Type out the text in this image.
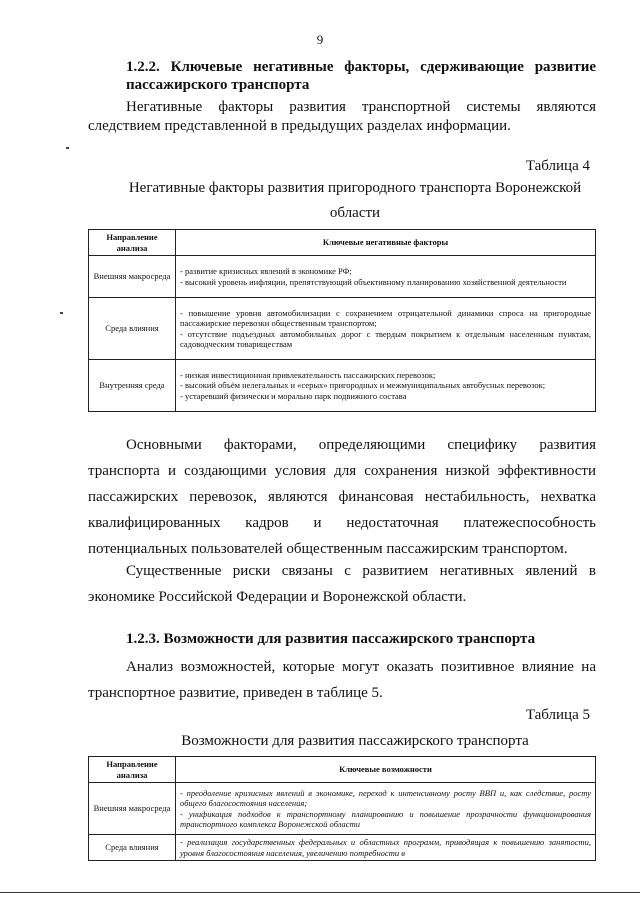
9
1.2.2. Ключевые негативные факторы, сдерживающие развитие
пассажирского транспорта
Негативные факторы развития транспортной системы являются
следствием представленной в предыдущих разделах информации.
Таблица 4
Негативные факторы развития пригородного транспорта Воронежской
области
Направление анализа	Ключевые негативные факторы
Внешняя макросреда	- развитие кризисных явлений в экономике РФ;
- высокий уровень инфляции, препятствующий объективному планированию хозяйственной деятельности

Среда влияния	- повышение уровня автомобилизации с сохранением отрицательной динамики спроса на пригородные пассажирские перевозки общественным транспортом;
- отсутствие подъездных автомобильных дорог с твердым покрытием к отдельным населенным пунктам, садоводческим товариществам

Внутренняя среда	- низкая инвестиционная привлекательность пассажирских перевозок;
- высокий объём нелегальных и «серых» пригородных и межмуниципальных автобусных перевозок;
- устаревший физически и морально парк подвижного состава
Основными факторами, определяющими специфику развития
транспорта и создающими условия для сохранения низкой эффективности
пассажирских перевозок, являются финансовая нестабильность, нехватка
квалифицированных кадров и недостаточная платежеспособность
потенциальных пользователей общественным пассажирским транспортом.
Существенные риски связаны с развитием негативных явлений в
экономике Российской Федерации и Воронежской области.
1.2.3. Возможности для развития пассажирского транспорта
Анализ возможностей, которые могут оказать позитивное влияние на
транспортное развитие, приведен в таблице 5.
Таблица 5
Возможности для развития пассажирского транспорта
Направление анализа	Ключевые возможности
Внешняя макросреда	- преодоление кризисных явлений в экономике, переход к интенсивному росту ВВП и, как следствие, росту общего благосостояния населения;
- унификация подходов к транспортному планированию и повышение прозрачности функционирования транспортного комплекса Воронежской области

Среда влияния	- реализация государственных федеральных и областных программ, приводящая к повышению занятости, уровня благосостояния населения, увеличению потребности в
